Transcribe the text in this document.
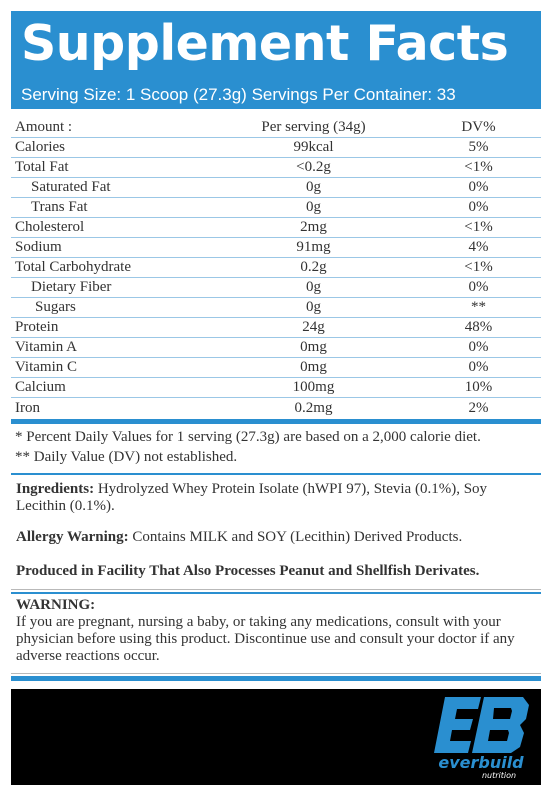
Supplement Facts
Serving Size: 1 Scoop (27.3g) Servings Per Container: 33
Amount :	Per serving (34g)	DV%
Calories	99kcal	5%
Total Fat	<0.2g	<1%
Saturated Fat	0g	0%
Trans Fat	0g	0%
Cholesterol	2mg	<1%
Sodium	91mg	4%
Total Carbohydrate	0.2g	<1%
Dietary Fiber	0g	0%
Sugars	0g	**
Protein	24g	48%
Vitamin A	0mg	0%
Vitamin C	0mg	0%
Calcium	100mg	10%
Iron	0.2mg	2%
* Percent Daily Values for 1 serving (27.3g) are based on a 2,000 calorie diet.
** Daily Value (DV) not established.
Ingredients: Hydrolyzed Whey Protein Isolate (hWPI 97), Stevia (0.1%), Soy Lecithin (0.1%).
Allergy Warning: Contains MILK and SOY (Lecithin) Derived Products.
Produced in Facility That Also Processes Peanut and Shellfish Derivates.
WARNING:
If you are pregnant, nursing a baby, or taking any medications, consult with your physician before using this product. Discontinue use and consult your doctor if any adverse reactions occur.
everbuild
nutrition
